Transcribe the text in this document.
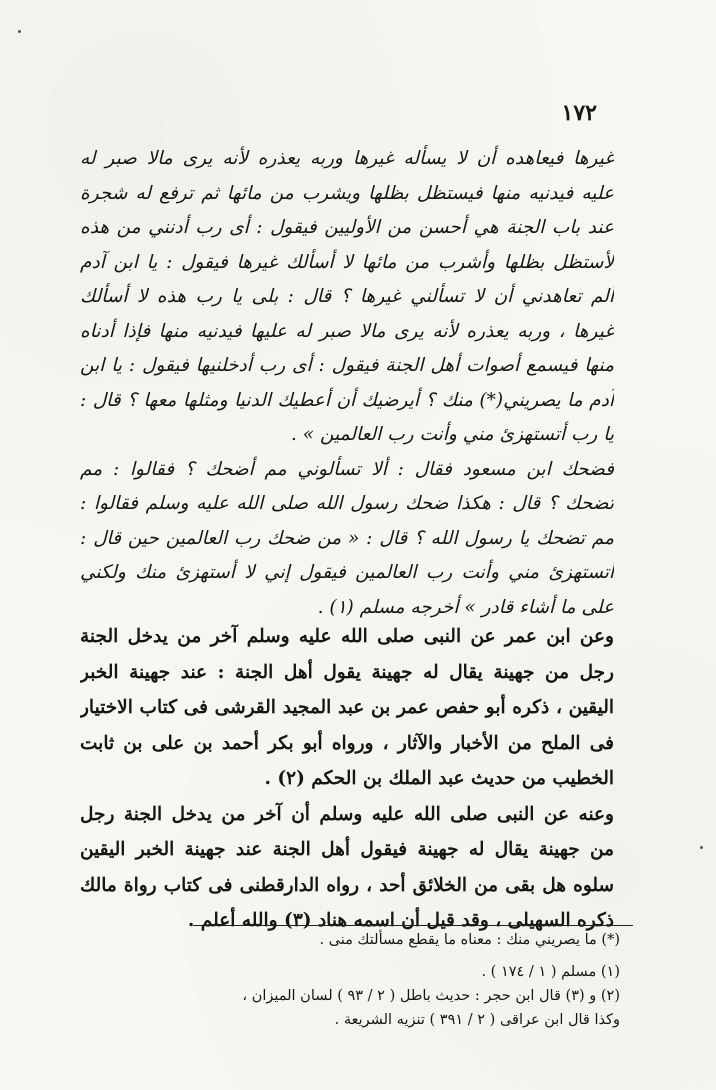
١٧٢
غيرها فيعاهده أن لا يسأله غيرها وربه يعذره لأنه يرى مالا صبر له
عليه فيدنيه منها فيستظل بظلها ويشرب من مائها ثم ترفع له شجرة
عند باب الجنة هي أحسن من الأوليين فيقول : أى رب أدنني من هذه
لأستظل بظلها وأشرب من مائها لا أسألك غيرها فيقول : يا ابن آدم
ألم تعاهدني أن لا تسألني غيرها ؟ قال : بلى يا رب هذه لا أسألك
غيرها ، وربه يعذره لأنه يرى مالا صبر له عليها فيدنيه منها فإذا أدناه
منها فيسمع أصوات أهل الجنة فيقول : أى رب أدخلنيها فيقول : يا ابن
آدم ما يصريني(*) منك ؟ أيرضيك أن أعطيك الدنيا ومثلها معها ؟ قال :
يا رب أتستهزئ مني وأنت رب العالمين » .
فضحك ابن مسعود فقال : ألا تسألوني مم أضحك ؟ فقالوا : مم
تضحك ؟ قال : هكذا ضحك رسول الله صلى الله عليه وسلم فقالوا :
مم تضحك يا رسول الله ؟ قال : « من ضحك رب العالمين حين قال :
أتستهزئ مني وأنت رب العالمين فيقول إني لا أستهزئ منك ولكني
على ما أشاء قادر » أخرجه مسلم (١) .
وعن ابن عمر عن النبى صلى الله عليه وسلم آخر من يدخل الجنة
رجل من جهينة يقال له جهينة يقول أهل الجنة : عند جهينة الخبر
اليقين ، ذكره أبو حفص عمر بن عبد المجيد القرشى فى كتاب الاختيار
فى الملح من الأخبار والآثار ، ورواه أبو بكر أحمد بن على بن ثابت
الخطيب من حديث عبد الملك بن الحكم (٢) .
وعنه عن النبى صلى الله عليه وسلم أن آخر من يدخل الجنة رجل
من جهينة يقال له جهينة فيقول أهل الجنة عند جهينة الخبر اليقين
سلوه هل بقى من الخلائق أحد ، رواه الدارقطنى فى كتاب رواة مالك
ذكره السهيلى ، وقد قيل أن اسمه هناد (٣) والله أعلم .
(*) ما يصريني منك : معناه ما يقطع مسألتك منى .
(١) مسلم ( ١ / ١٧٤ ) .
(٢) و (٣) قال ابن حجر : حديث باطل ( ٢ / ٩٣ ) لسان الميزان ،
وكذا قال ابن عراقى ( ٢ / ٣٩١ ) تنزيه الشريعة .
